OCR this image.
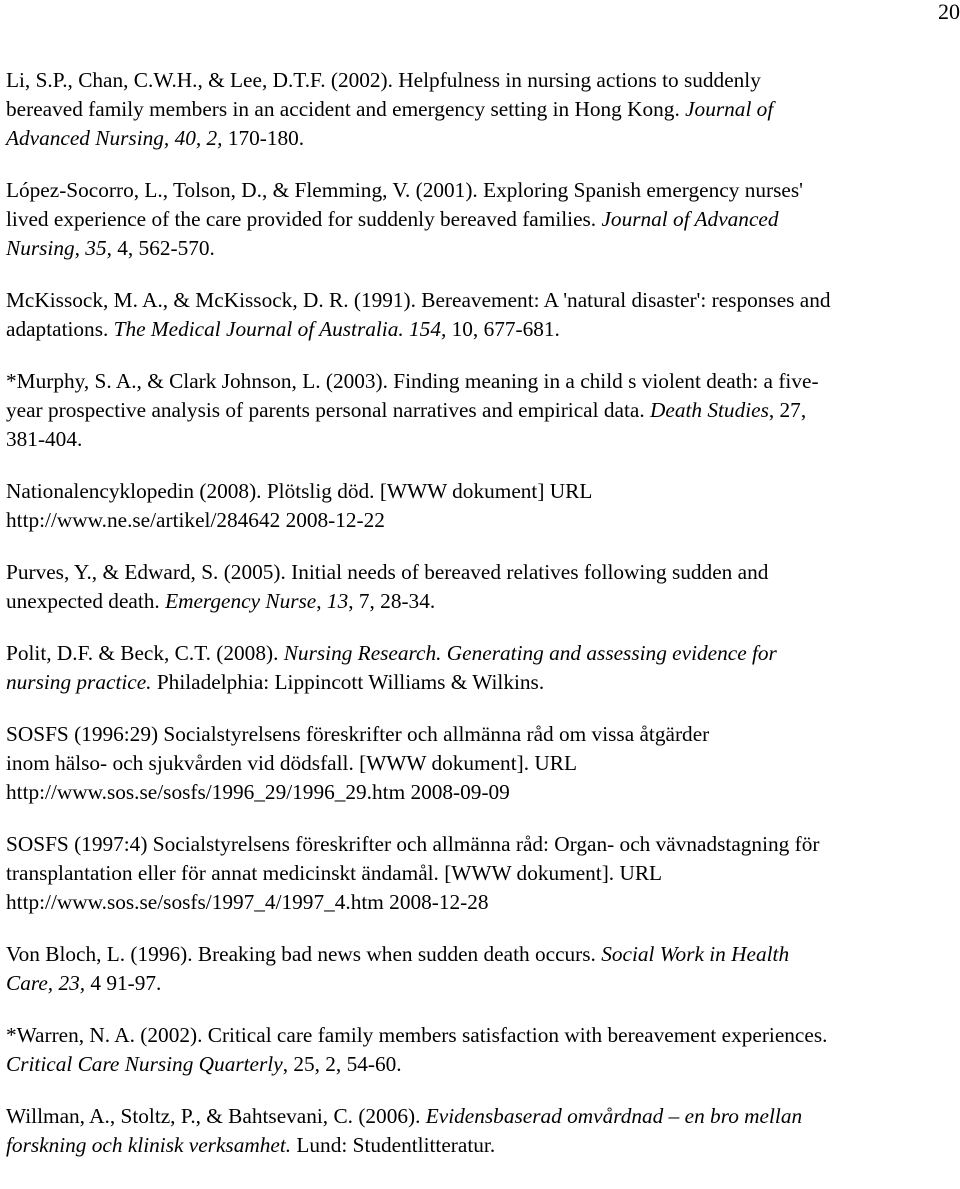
20

Li, S.P., Chan, C.W.H., & Lee, D.T.F. (2002). Helpfulness in nursing actions to suddenly
bereaved family members in an accident and emergency setting in Hong Kong. Journal of
Advanced Nursing, 40, 2, 170-180.

López-Socorro, L., Tolson, D., & Flemming, V. (2001). Exploring Spanish emergency nurses'
lived experience of the care provided for suddenly bereaved families. Journal of Advanced
Nursing, 35, 4, 562-570.

McKissock, M. A., & McKissock, D. R. (1991). Bereavement: A 'natural disaster': responses and
adaptations. The Medical Journal of Australia. 154, 10, 677-681.

*Murphy, S. A., & Clark Johnson, L. (2003). Finding meaning in a child s violent death: a five-
year prospective analysis of parents personal narratives and empirical data. Death Studies, 27,
381-404.

Nationalencyklopedin (2008). Plötslig död. [WWW dokument] URL
http://www.ne.se/artikel/284642 2008-12-22

Purves, Y., & Edward, S. (2005). Initial needs of bereaved relatives following sudden and
unexpected death. Emergency Nurse, 13, 7, 28-34.

Polit, D.F. & Beck, C.T. (2008). Nursing Research. Generating and assessing evidence for
nursing practice. Philadelphia: Lippincott Williams & Wilkins.

SOSFS (1996:29) Socialstyrelsens föreskrifter och allmänna råd om vissa åtgärder
inom hälso- och sjukvården vid dödsfall. [WWW dokument]. URL
http://www.sos.se/sosfs/1996_29/1996_29.htm 2008-09-09

SOSFS (1997:4) Socialstyrelsens föreskrifter och allmänna råd: Organ- och vävnadstagning för
transplantation eller för annat medicinskt ändamål. [WWW dokument]. URL
http://www.sos.se/sosfs/1997_4/1997_4.htm 2008-12-28

Von Bloch, L. (1996). Breaking bad news when sudden death occurs. Social Work in Health
Care, 23, 4 91-97.

*Warren, N. A. (2002). Critical care family members satisfaction with bereavement experiences.
Critical Care Nursing Quarterly, 25, 2, 54-60.

Willman, A., Stoltz, P., & Bahtsevani, C. (2006). Evidensbaserad omvårdnad – en bro mellan
forskning och klinisk verksamhet. Lund: Studentlitteratur.
